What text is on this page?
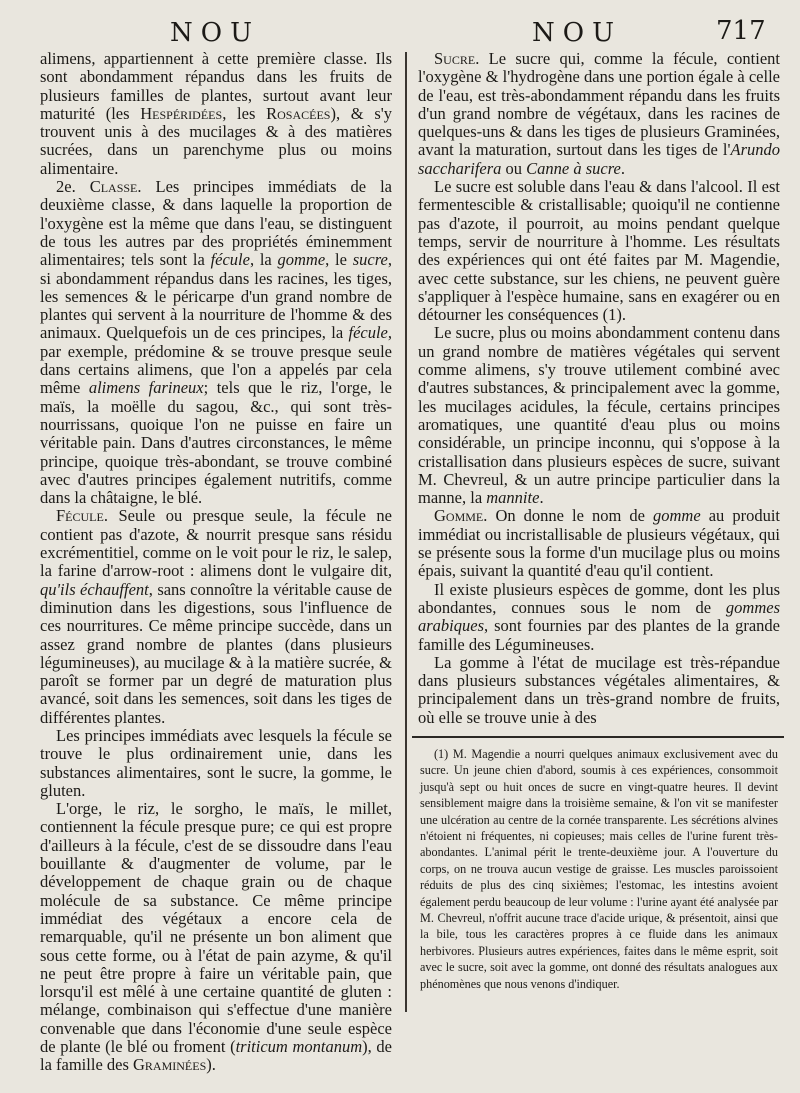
NOU	NOU	717

alimens, appartiennent à cette première classe. Ils sont abondamment répandus dans les fruits de plusieurs familles de plantes, surtout avant leur maturité (les Hespéridées, les Rosacées), & s'y trouvent unis à des mucilages & à des matières sucrées, dans un parenchyme plus ou moins alimentaire.

2e. Classe. Les principes immédiats de la deuxième classe, & dans laquelle la proportion de l'oxygène est la même que dans l'eau, se distinguent de tous les autres par des propriétés éminemment alimentaires; tels sont la fécule, la gomme, le sucre, si abondamment répandus dans les racines, les tiges, les semences & le péricarpe d'un grand nombre de plantes qui servent à la nourriture de l'homme & des animaux. Quelquefois un de ces principes, la fécule, par exemple, prédomine & se trouve presque seule dans certains alimens, que l'on a appelés par cela même alimens farineux; tels que le riz, l'orge, le maïs, la moëlle du sagou, &c., qui sont très-nourrissans, quoique l'on ne puisse en faire un véritable pain. Dans d'autres circonstances, le même principe, quoique très-abondant, se trouve combiné avec d'autres principes également nutritifs, comme dans la châtaigne, le blé.

Fécule. Seule ou presque seule, la fécule ne contient pas d'azote, & nourrit presque sans résidu excrémentitiel, comme on le voit pour le riz, le salep, la farine d'arrow-root : alimens dont le vulgaire dit, qu'ils échauffent, sans connoître la véritable cause de diminution dans les digestions, sous l'influence de ces nourritures. Ce même principe succède, dans un assez grand nombre de plantes (dans plusieurs légumineuses), au mucilage & à la matière sucrée, & paroît se former par un degré de maturation plus avancé, soit dans les semences, soit dans les tiges de différentes plantes.

Les principes immédiats avec lesquels la fécule se trouve le plus ordinairement unie, dans les substances alimentaires, sont le sucre, la gomme, le gluten.

L'orge, le riz, le sorgho, le maïs, le millet, contiennent la fécule presque pure; ce qui est propre d'ailleurs à la fécule, c'est de se dissoudre dans l'eau bouillante & d'augmenter de volume, par le développement de chaque grain ou de chaque molécule de sa substance. Ce même principe immédiat des végétaux a encore cela de remarquable, qu'il ne présente un bon aliment que sous cette forme, ou à l'état de pain azyme, & qu'il ne peut être propre à faire un véritable pain, que lorsqu'il est mêlé à une certaine quantité de gluten : mélange, combinaison qui s'effectue d'une manière convenable que dans l'économie d'une seule espèce de plante (le blé ou froment (triticum montanum), de la famille des Graminées).

Sucre. Le sucre qui, comme la fécule, contient l'oxygène & l'hydrogène dans une portion égale à celle de l'eau, est très-abondamment répandu dans les fruits d'un grand nombre de végétaux, dans les racines de quelques-uns & dans les tiges de plusieurs Graminées, avant la maturation, surtout dans les tiges de l'Arundo saccharifera ou Canne à sucre.

Le sucre est soluble dans l'eau & dans l'alcool. Il est fermentescible & cristallisable; quoiqu'il ne contienne pas d'azote, il pourroit, au moins pendant quelque temps, servir de nourriture à l'homme. Les résultats des expériences qui ont été faites par M. Magendie, avec cette substance, sur les chiens, ne peuvent guère s'appliquer à l'espèce humaine, sans en exagérer ou en détourner les conséquences (1).

Le sucre, plus ou moins abondamment contenu dans un grand nombre de matières végétales qui servent comme alimens, s'y trouve utilement combiné avec d'autres substances, & principalement avec la gomme, les mucilages acidules, la fécule, certains principes aromatiques, une quantité d'eau plus ou moins considérable, un principe inconnu, qui s'oppose à la cristallisation dans plusieurs espèces de sucre, suivant M. Chevreul, & un autre principe particulier dans la manne, la mannite.

Gomme. On donne le nom de gomme au produit immédiat ou incristallisable de plusieurs végétaux, qui se présente sous la forme d'un mucilage plus ou moins épais, suivant la quantité d'eau qu'il contient.

Il existe plusieurs espèces de gomme, dont les plus abondantes, connues sous le nom de gommes arabiques, sont fournies par des plantes de la grande famille des Légumineuses.

La gomme à l'état de mucilage est très-répandue dans plusieurs substances végétales alimentaires, & principalement dans un très-grand nombre de fruits, où elle se trouve unie à des

(1) M. Magendie a nourri quelques animaux exclusivement avec du sucre. Un jeune chien d'abord, soumis à ces expériences, consommoit jusqu'à sept ou huit onces de sucre en vingt-quatre heures. Il devint sensiblement maigre dans la troisième semaine, & l'on vit se manifester une ulcération au centre de la cornée transparente. Les sécrétions alvines n'étoient ni fréquentes, ni copieuses; mais celles de l'urine furent très-abondantes. L'animal périt le trente-deuxième jour. A l'ouverture du corps, on ne trouva aucun vestige de graisse. Les muscles paroissoient réduits de plus des cinq sixièmes; l'estomac, les intestins avoient également perdu beaucoup de leur volume : l'urine ayant été analysée par M. Chevreul, n'offrit aucune trace d'acide urique, & présentoit, ainsi que la bile, tous les caractères propres à ce fluide dans les animaux herbivores. Plusieurs autres expériences, faites dans le même esprit, soit avec le sucre, soit avec la gomme, ont donné des résultats analogues aux phénomènes que nous venons d'indiquer.
